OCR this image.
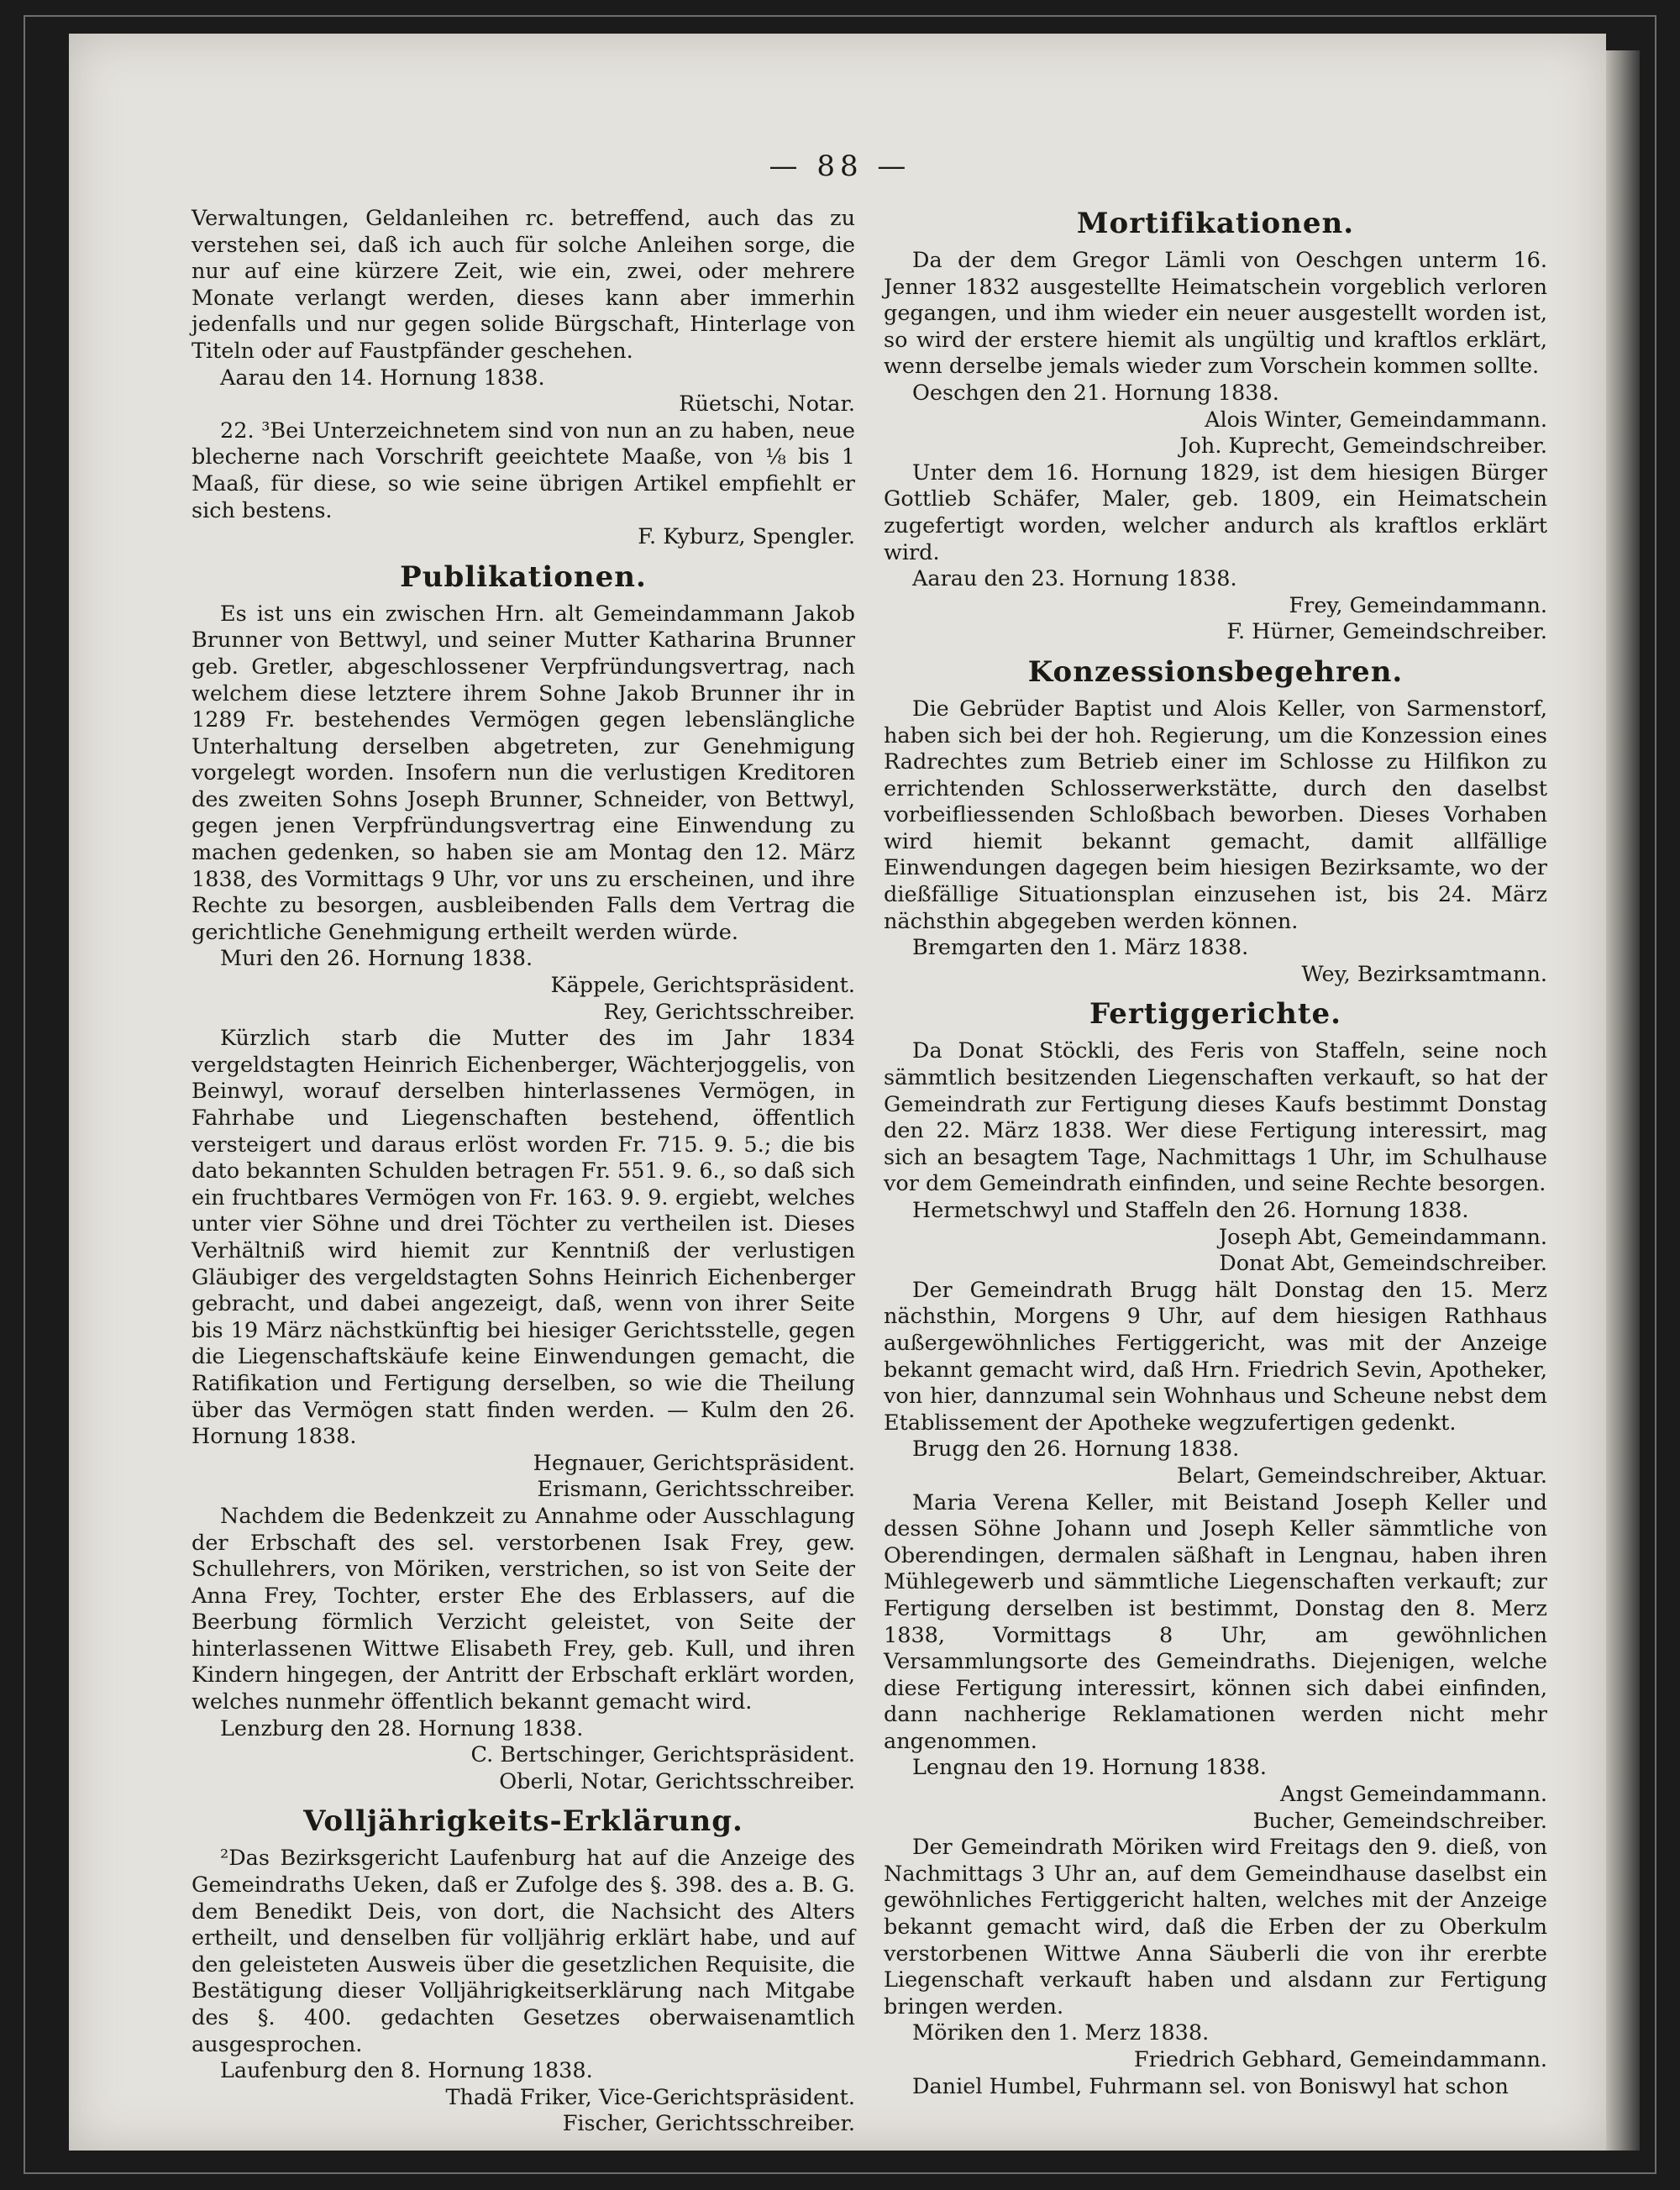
— 88 —

Verwaltungen, Geldanleihen rc. betreffend, auch das zu verstehen sei, daß ich auch für solche Anleihen sorge, die nur auf eine kürzere Zeit, wie ein, zwei, oder mehrere Monate verlangt werden, dieses kann aber immerhin jedenfalls und nur gegen solide Bürgschaft, Hinterlage von Titeln oder auf Faustpfänder geschehen.

Aarau den 14. Hornung 1838.

Rüetschi, Notar.

22. ³Bei Unterzeichnetem sind von nun an zu haben, neue blecherne nach Vorschrift geeichtete Maaße, von ⅛ bis 1 Maaß, für diese, so wie seine übrigen Artikel empfiehlt er sich bestens.

F. Kyburz, Spengler.

Publikationen.

Es ist uns ein zwischen Hrn. alt Gemeindammann Jakob Brunner von Bettwyl, und seiner Mutter Katharina Brunner geb. Gretler, abgeschlossener Verpfründungsvertrag, nach welchem diese letztere ihrem Sohne Jakob Brunner ihr in 1289 Fr. bestehendes Vermögen gegen lebenslängliche Unterhaltung derselben abgetreten, zur Genehmigung vorgelegt worden. Insofern nun die verlustigen Kreditoren des zweiten Sohns Joseph Brunner, Schneider, von Bettwyl, gegen jenen Verpfründungsvertrag eine Einwendung zu machen gedenken, so haben sie am Montag den 12. März 1838, des Vormittags 9 Uhr, vor uns zu erscheinen, und ihre Rechte zu besorgen, ausbleibenden Falls dem Vertrag die gerichtliche Genehmigung ertheilt werden würde.

Muri den 26. Hornung 1838.

Käppele, Gerichtspräsident.

Rey, Gerichtsschreiber.

Kürzlich starb die Mutter des im Jahr 1834 vergeldstagten Heinrich Eichenberger, Wächterjoggelis, von Beinwyl, worauf derselben hinterlassenes Vermögen, in Fahrhabe und Liegenschaften bestehend, öffentlich versteigert und daraus erlöst worden Fr. 715. 9. 5.; die bis dato bekannten Schulden betragen Fr. 551. 9. 6., so daß sich ein fruchtbares Vermögen von Fr. 163. 9. 9. ergiebt, welches unter vier Söhne und drei Töchter zu vertheilen ist. Dieses Verhältniß wird hiemit zur Kenntniß der verlustigen Gläubiger des vergeldstagten Sohns Heinrich Eichenberger gebracht, und dabei angezeigt, daß, wenn von ihrer Seite bis 19 März nächstkünftig bei hiesiger Gerichtsstelle, gegen die Liegenschaftskäufe keine Einwendungen gemacht, die Ratifikation und Fertigung derselben, so wie die Theilung über das Vermögen statt finden werden. — Kulm den 26. Hornung 1838.

Hegnauer, Gerichtspräsident.

Erismann, Gerichtsschreiber.

Nachdem die Bedenkzeit zu Annahme oder Ausschlagung der Erbschaft des sel. verstorbenen Isak Frey, gew. Schullehrers, von Möriken, verstrichen, so ist von Seite der Anna Frey, Tochter, erster Ehe des Erblassers, auf die Beerbung förmlich Verzicht geleistet, von Seite der hinterlassenen Wittwe Elisabeth Frey, geb. Kull, und ihren Kindern hingegen, der Antritt der Erbschaft erklärt worden, welches nunmehr öffentlich bekannt gemacht wird.

Lenzburg den 28. Hornung 1838.

C. Bertschinger, Gerichtspräsident.

Oberli, Notar, Gerichtsschreiber.

Volljährigkeits-Erklärung.

²Das Bezirksgericht Laufenburg hat auf die Anzeige des Gemeindraths Ueken, daß er Zufolge des §. 398. des a. B. G. dem Benedikt Deis, von dort, die Nachsicht des Alters ertheilt, und denselben für volljährig erklärt habe, und auf den geleisteten Ausweis über die gesetzlichen Requisite, die Bestätigung dieser Volljährigkeitserklärung nach Mitgabe des §. 400. gedachten Gesetzes oberwaisenamtlich ausgesprochen.

Laufenburg den 8. Hornung 1838.

Thadä Friker, Vice-Gerichtspräsident.

Fischer, Gerichtsschreiber.

Mortifikationen.

Da der dem Gregor Lämli von Oeschgen unterm 16. Jenner 1832 ausgestellte Heimatschein vorgeblich verloren gegangen, und ihm wieder ein neuer ausgestellt worden ist, so wird der erstere hiemit als ungültig und kraftlos erklärt, wenn derselbe jemals wieder zum Vorschein kommen sollte.

Oeschgen den 21. Hornung 1838.

Alois Winter, Gemeindammann.

Joh. Kuprecht, Gemeindschreiber.

Unter dem 16. Hornung 1829, ist dem hiesigen Bürger Gottlieb Schäfer, Maler, geb. 1809, ein Heimatschein zugefertigt worden, welcher andurch als kraftlos erklärt wird.

Aarau den 23. Hornung 1838.

Frey, Gemeindammann.

F. Hürner, Gemeindschreiber.

Konzessionsbegehren.

Die Gebrüder Baptist und Alois Keller, von Sarmenstorf, haben sich bei der hoh. Regierung, um die Konzession eines Radrechtes zum Betrieb einer im Schlosse zu Hilfikon zu errichtenden Schlosserwerkstätte, durch den daselbst vorbeifliessenden Schloßbach beworben. Dieses Vorhaben wird hiemit bekannt gemacht, damit allfällige Einwendungen dagegen beim hiesigen Bezirksamte, wo der dießfällige Situationsplan einzusehen ist, bis 24. März nächsthin abgegeben werden können.

Bremgarten den 1. März 1838.

Wey, Bezirksamtmann.

Fertiggerichte.

Da Donat Stöckli, des Feris von Staffeln, seine noch sämmtlich besitzenden Liegenschaften verkauft, so hat der Gemeindrath zur Fertigung dieses Kaufs bestimmt Donstag den 22. März 1838. Wer diese Fertigung interessirt, mag sich an besagtem Tage, Nachmittags 1 Uhr, im Schulhause vor dem Gemeindrath einfinden, und seine Rechte besorgen.

Hermetschwyl und Staffeln den 26. Hornung 1838.

Joseph Abt, Gemeindammann.

Donat Abt, Gemeindschreiber.

Der Gemeindrath Brugg hält Donstag den 15. Merz nächsthin, Morgens 9 Uhr, auf dem hiesigen Rathhaus außergewöhnliches Fertiggericht, was mit der Anzeige bekannt gemacht wird, daß Hrn. Friedrich Sevin, Apotheker, von hier, dannzumal sein Wohnhaus und Scheune nebst dem Etablissement der Apotheke wegzufertigen gedenkt.

Brugg den 26. Hornung 1838.

Belart, Gemeindschreiber, Aktuar.

Maria Verena Keller, mit Beistand Joseph Keller und dessen Söhne Johann und Joseph Keller sämmtliche von Oberendingen, dermalen säßhaft in Lengnau, haben ihren Mühlegewerb und sämmtliche Liegenschaften verkauft; zur Fertigung derselben ist bestimmt, Donstag den 8. Merz 1838, Vormittags 8 Uhr, am gewöhnlichen Versammlungsorte des Gemeindraths. Diejenigen, welche diese Fertigung interessirt, können sich dabei einfinden, dann nachherige Reklamationen werden nicht mehr angenommen.

Lengnau den 19. Hornung 1838.

Angst Gemeindammann.

Bucher, Gemeindschreiber.

Der Gemeindrath Möriken wird Freitags den 9. dieß, von Nachmittags 3 Uhr an, auf dem Gemeindhause daselbst ein gewöhnliches Fertiggericht halten, welches mit der Anzeige bekannt gemacht wird, daß die Erben der zu Oberkulm verstorbenen Wittwe Anna Säuberli die von ihr ererbte Liegenschaft verkauft haben und alsdann zur Fertigung bringen werden.

Möriken den 1. Merz 1838.

Friedrich Gebhard, Gemeindammann.

Daniel Humbel, Fuhrmann sel. von Boniswyl hat schon
